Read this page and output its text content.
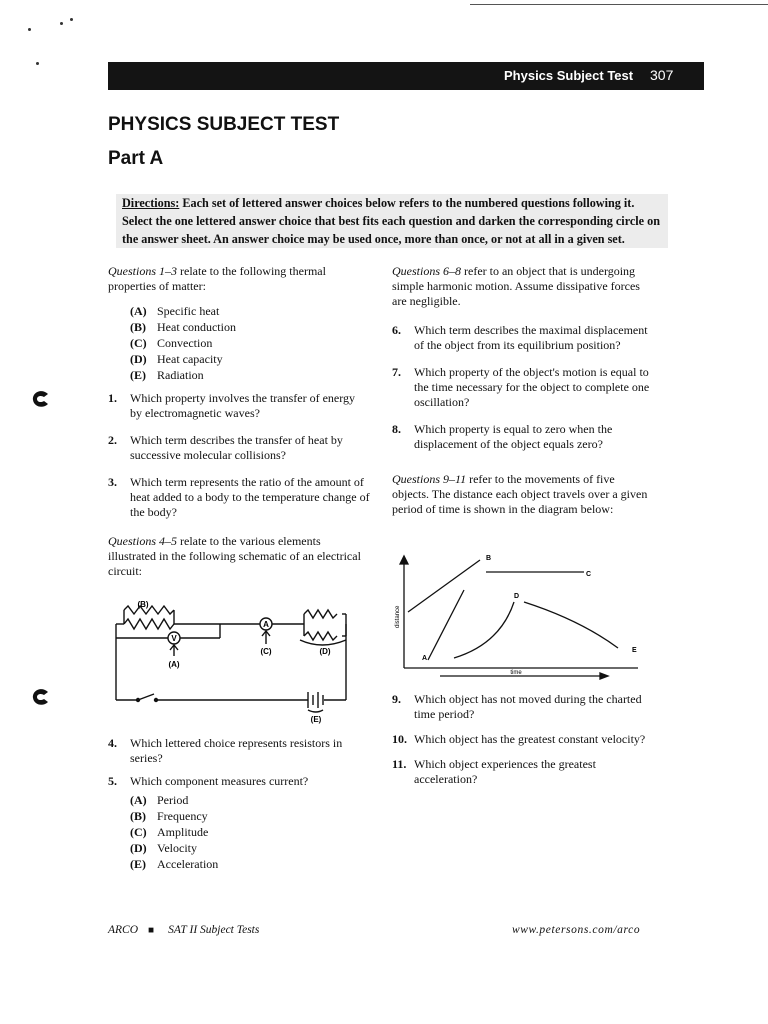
Physics Subject Test 307
PHYSICS SUBJECT TEST
Part A
Directions: Each set of lettered answer choices below refers to the numbered questions following it. Select the one lettered answer choice that best fits each question and darken the corresponding circle on the answer sheet. An answer choice may be used once, more than once, or not at all in a given set.

Questions 1–3 relate to the following thermal properties of matter:

(A) Specific heat
(B) Heat conduction
(C) Convection
(D) Heat capacity
(E) Radiation

1. Which property involves the transfer of energy by electromagnetic waves?

2. Which term describes the transfer of heat by successive molecular collisions?

3. Which term represents the ratio of the amount of heat added to a body to the temperature change of the body?

Questions 4–5 relate to the various elements illustrated in the following schematic of an electrical circuit:

(B)
V
(A)
A
(C)	(D)
(E)

4. Which lettered choice represents resistors in series?

5. Which component measures current?

(A) Period
(B) Frequency
(C) Amplitude
(D) Velocity
(E) Acceleration

Questions 6–8 refer to an object that is undergoing simple harmonic motion. Assume dissipative forces are negligible.

6. Which term describes the maximal displacement of the object from its equilibrium position?

7. Which property of the object's motion is equal to the time necessary for the object to complete one oscillation?

8. Which property is equal to zero when the displacement of the object equals zero?

Questions 9–11 refer to the movements of five objects. The distance each object travels over a given period of time is shown in the diagram below:

A
B
C
D
E
distance
time

9. Which object has not moved during the charted time period?

10. Which object has the greatest constant velocity?

11. Which object experiences the greatest acceleration?

ARCO ■ SAT II Subject Tests	www.petersons.com/arco
